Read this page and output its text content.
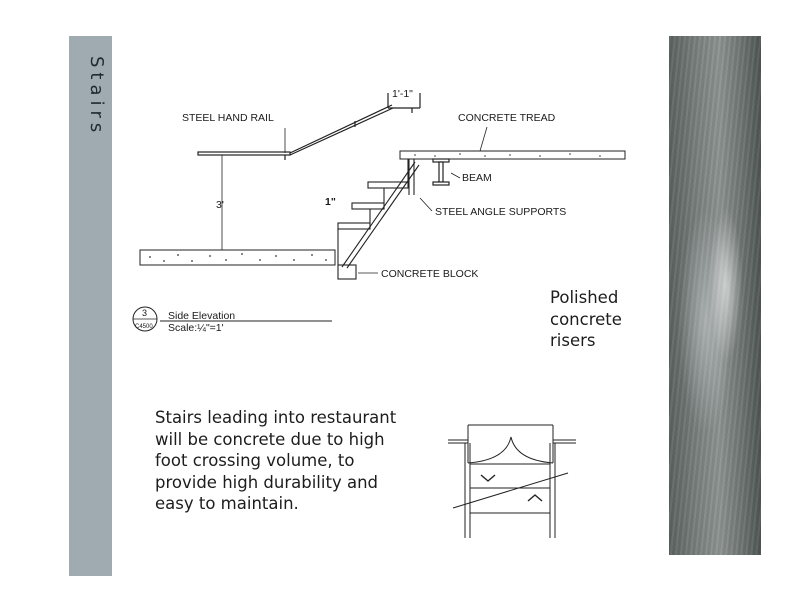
Stairs	STEEL HAND RAIL	CONCRETE TREAD
BEAM
STEEL ANGLE SUPPORTS
CONCRETE BLOCK
1'-1"
3'	1"
3
C4500
Side Elevation
Scale:¼"=1'
Polished concrete risers
Stairs leading into restaurant will be concrete due to high foot crossing volume, to provide high durability and easy to maintain.
